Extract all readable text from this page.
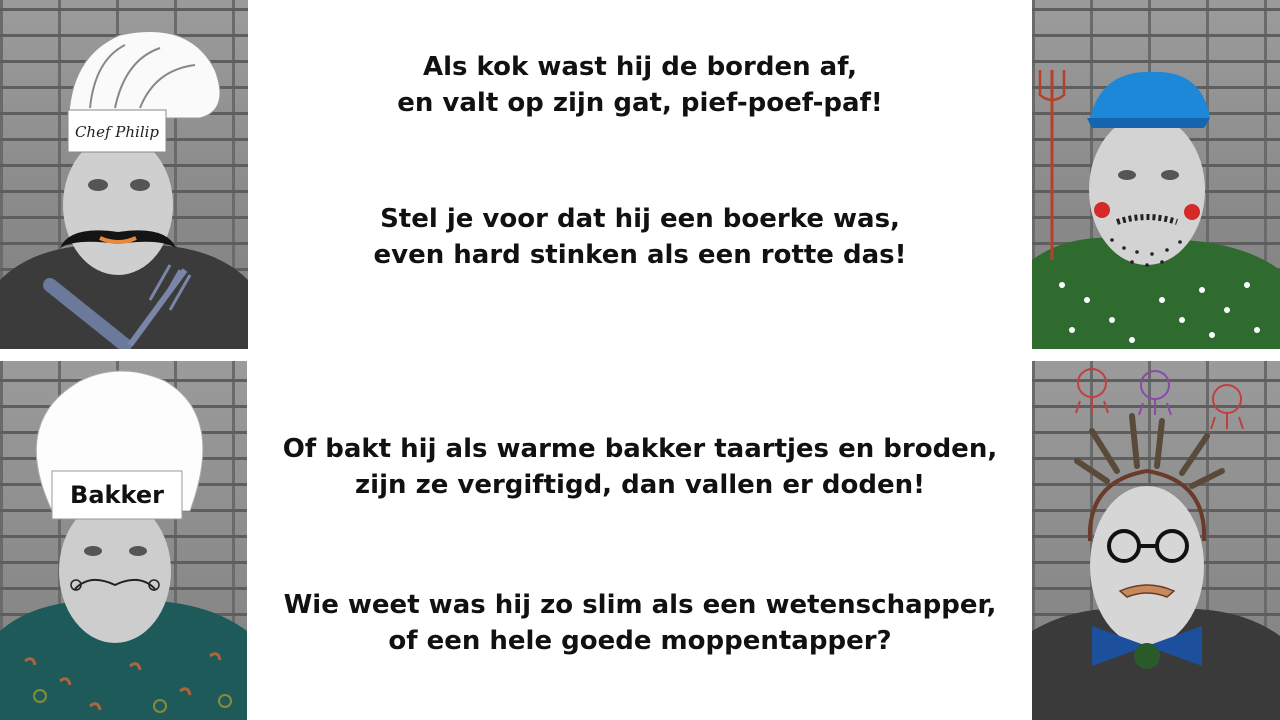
Chef Philip
Bakker
Als kok wast hij de borden af,
en valt op zijn gat, pief-poef-paf!
Stel je voor dat hij een boerke was,
even hard stinken als een rotte das!
Of bakt hij als warme bakker taartjes en broden,
zijn ze vergiftigd, dan vallen er doden!
Wie weet was hij zo slim als een wetenschapper,
of een hele goede moppentapper?
